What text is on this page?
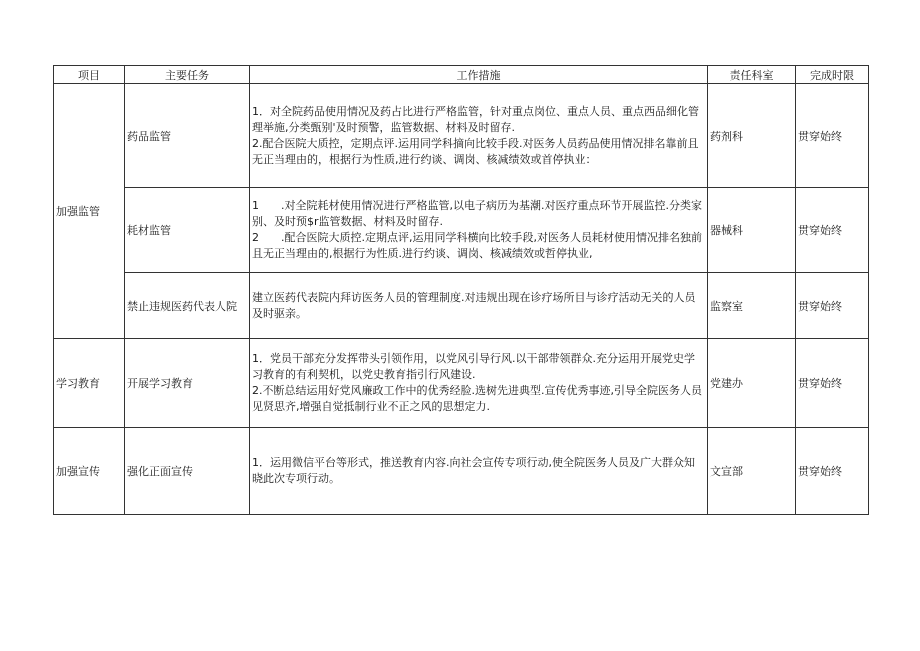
项目	主要任务	工作措施	责任科室	完成时限
加强监管	药品监管	1．对全院药品使用情况及药占比进行严格监管，针对重点岗位、重点人员、重点西品细化管理举施,分类甄别'及时预警，监管数据、材料及时留存.
2.配合医院大质控，定期点评.运用同学科摘向比较手段.对医务人员药品使用情况排名靠前且无正当理由的，根据行为性质,进行约谈、调岗、核减绩效或首停执业：	药剂科	贯穿始终
	耗材监管	1　　.对全院耗材使用情况进行严格监管,以电子病历为基潮.对医疗重点环节开展监控.分类家别、及时预$r监管数据、材料及时留存.
2　　.配合医院大质控.定期点评,运用同学科横向比较手段,对医务人员耗材使用情况排名独前且无正当理由的,根据行为性质.进行约谈、调岗、核减绩效或哲停执业,	器械科	贯穿始终
	禁止违规医药代表人院	建立医药代表院内拜访医务人员的管理制度.对违规出现在诊疗场所目与诊疗活动无关的人员及时驱亲。	监察室	贯穿始终
学习教育	开展学习教育	1．党员干部充分发挥带头引领作用，以党风引导行风.以干部带领群众.充分运用开展党史学习教育的有利契机，以党史教育指引行风建设.
2.不断总结运用好党风廉政工作中的优秀经脸.选树先进典型.宣传优秀事迹,引导全院医务人员见贤思齐,增强自觉抵制行业不正之风的思想定力.	党建办	贯穿始终
加强宣传	强化正面宣传	1．运用微信平台等形式，推送教育内容.向社会宣传专项行动,使全院医务人员及广大群众知晓此次专项行动。	文宣部	贯穿始终
